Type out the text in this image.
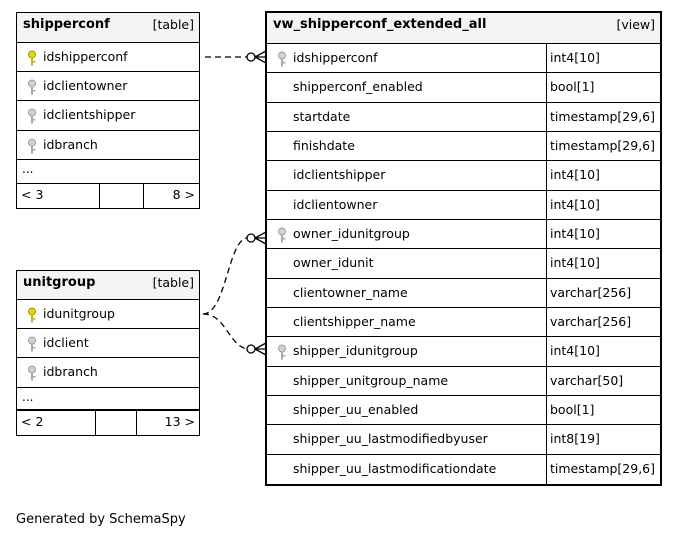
shipperconf	[table]
idshipperconf
idclientowner
idclientshipper
idbranch
...
< 3	8 >
unitgroup	[table]
idunitgroup
idclient
idbranch
...
< 2	13 >
vw_shipperconf_extended_all	[view]
idshipperconf	int4[10]
shipperconf_enabled	bool[1]
startdate	timestamp[29,6]
finishdate	timestamp[29,6]
idclientshipper	int4[10]
idclientowner	int4[10]
owner_idunitgroup	int4[10]
owner_idunit	int4[10]
clientowner_name	varchar[256]
clientshipper_name	varchar[256]
shipper_idunitgroup	int4[10]
shipper_unitgroup_name	varchar[50]
shipper_uu_enabled	bool[1]
shipper_uu_lastmodifiedbyuser	int8[19]
shipper_uu_lastmodificationdate	timestamp[29,6]
Generated by SchemaSpy
